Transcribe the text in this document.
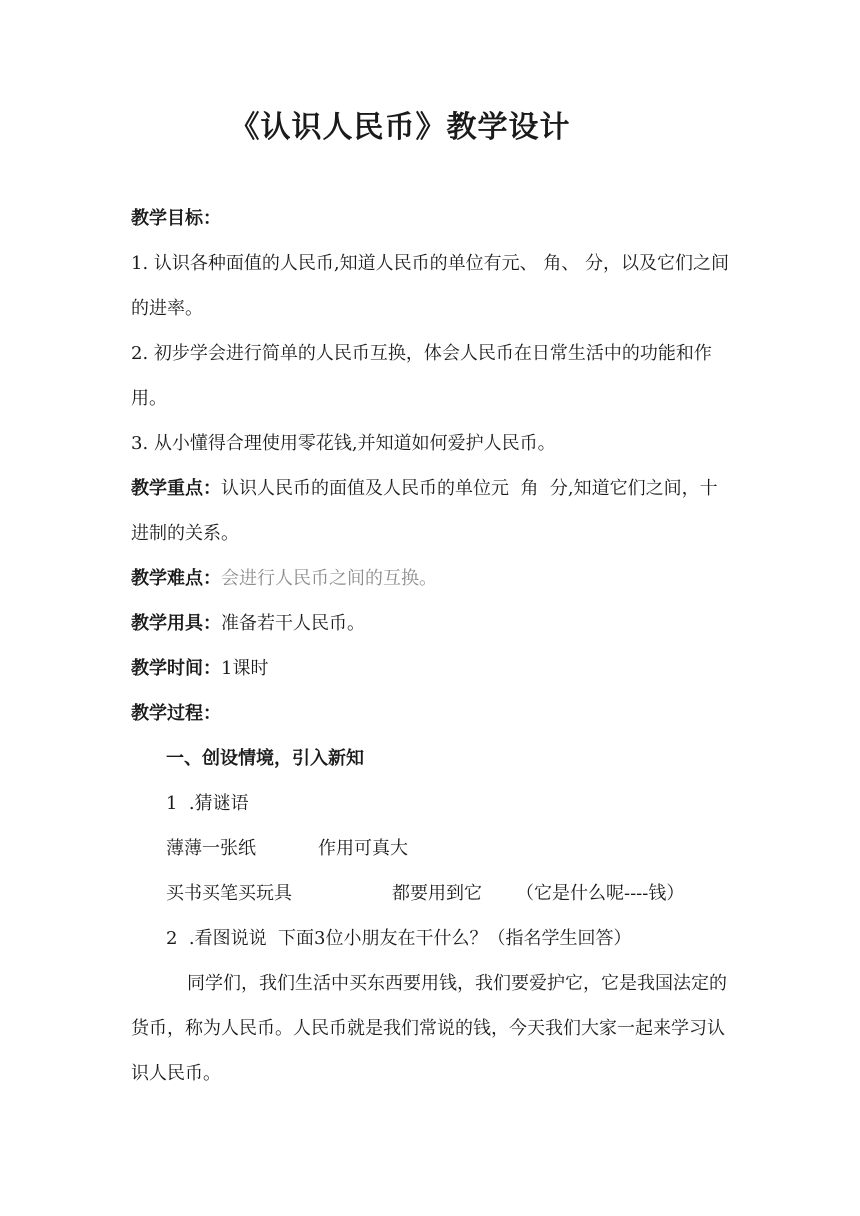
《认识人民币》教学设计

教学目标：

1. 认识各种面值的人民币,知道人民币的单位有元、 角、 分，以及它们之间的进率。

2. 初步学会进行简单的人民币互换，体会人民币在日常生活中的功能和作用。

3. 从小懂得合理使用零花钱,并知道如何爱护人民币。

教学重点：认识人民币的面值及人民币的单位元  角  分,知道它们之间，十进制的关系。

教学难点：会进行人民币之间的互换。

教学用具：准备若干人民币。

教学时间：1课时

教学过程：

一、创设情境，引入新知

1  .猜谜语

薄薄一张纸	作用可真大

买书买笔买玩具	都要用到它 （它是什么呢----钱）

2  .看图说说  下面3位小朋友在干什么？（指名学生回答）

同学们，我们生活中买东西要用钱，我们要爱护它，它是我国法定的货币，称为人民币。人民币就是我们常说的钱，今天我们大家一起来学习认识人民币。
